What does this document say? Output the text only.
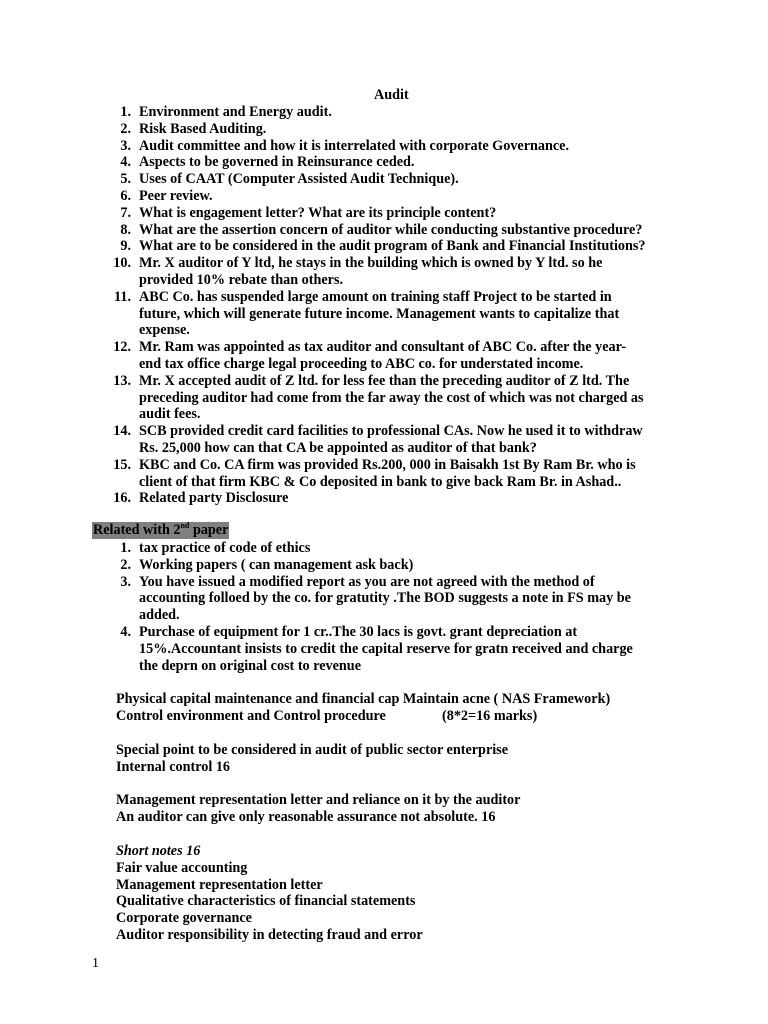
Audit
1. Environment and Energy audit.
2. Risk Based Auditing.
3. Audit committee and how it is interrelated with corporate Governance.
4. Aspects to be governed in Reinsurance ceded.
5. Uses of CAAT (Computer Assisted Audit Technique).
6. Peer review.
7. What is engagement letter? What are its principle content?
8. What are the assertion concern of auditor while conducting substantive procedure?
9. What are to be considered in the audit program of Bank and Financial Institutions?
10. Mr. X auditor of Y ltd, he stays in the building which is owned by Y ltd. so he
provided 10% rebate than others.
11. ABC Co. has suspended large amount on training staff Project to be started in
future, which will generate future income. Management wants to capitalize that
expense.
12. Mr. Ram was appointed as tax auditor and consultant of ABC Co. after the year-
end tax office charge legal proceeding to ABC co. for understated income.
13. Mr. X accepted audit of Z ltd. for less fee than the preceding auditor of Z ltd. The
preceding auditor had come from the far away the cost of which was not charged as
audit fees.
14. SCB provided credit card facilities to professional CAs. Now he used it to withdraw
Rs. 25,000 how can that CA be appointed as auditor of that bank?
15. KBC and Co. CA firm was provided Rs.200, 000 in Baisakh 1st By Ram Br. who is
client of that firm KBC & Co deposited in bank to give back Ram Br. in Ashad..
16. Related party Disclosure
Related with 2nd paper
1. tax practice of code of ethics
2. Working papers ( can management ask back)
3. You have issued a modified report as you are not agreed with the method of
accounting folloed by the co. for gratutity .The BOD suggests a note in FS may be
added.
4. Purchase of equipment for 1 cr..The 30 lacs is govt. grant depreciation at
15%.Accountant insists to credit the capital reserve for gratn received and charge
the deprn on original cost to revenue
Physical capital maintenance and financial cap Maintain acne ( NAS Framework)
Control environment and Control procedure	(8*2=16 marks)
Special point to be considered in audit of public sector enterprise
Internal control 16
Management representation letter and reliance on it by the auditor
An auditor can give only reasonable assurance not absolute. 16
Short notes 16
Fair value accounting
Management representation letter
Qualitative characteristics of financial statements
Corporate governance
Auditor responsibility in detecting fraud and error
1
